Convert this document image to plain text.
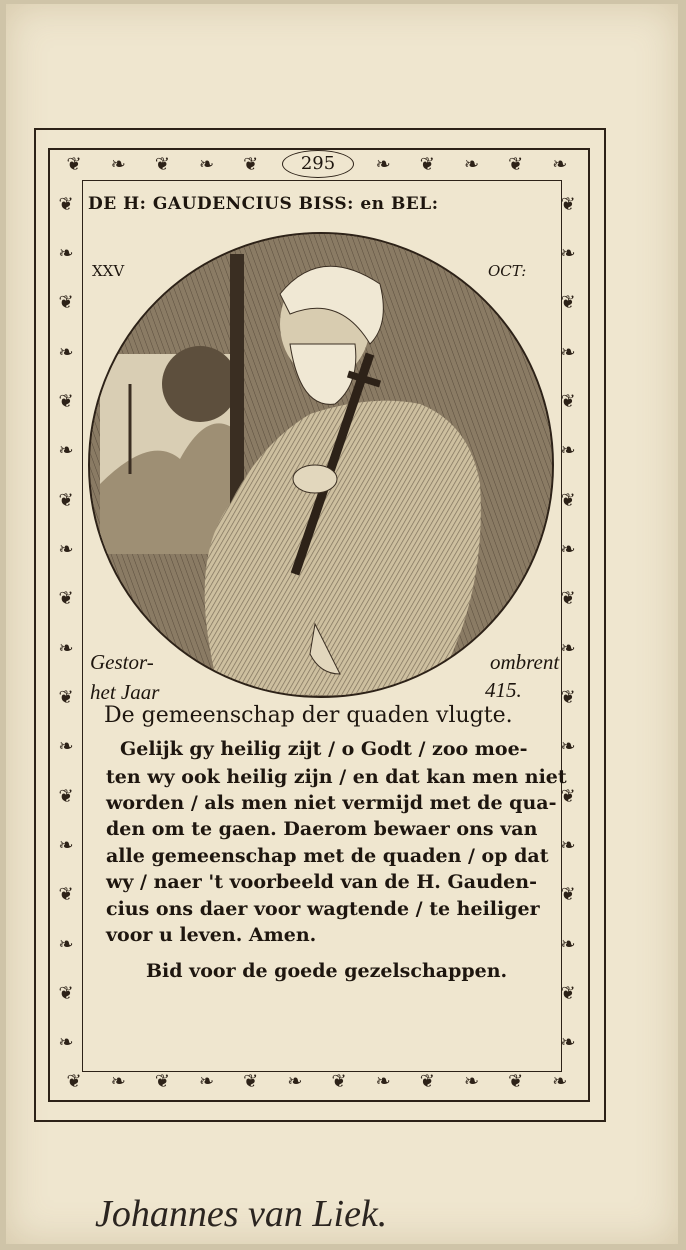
❦ ❧ ❦ ❧ ❦	❧ ❦ ❧ ❦ ❧
❦ ❧ ❦ ❧ ❦ ❧ ❦ ❧ ❦ ❧ ❦ ❧
❦
❧
❦
❧
❦
❧
❦
❧
❦
❧
❦
❧
❦
❧
❦
❧
❦
❧
❦
❧
❦
❧
❦
❧
❦
❧
❦
❧
❦
❧
❦
❧
❦
❧
❦
❧
295
DE H: GAUDENCIUS BISS: en BEL:
XXV	OCT:
Gestor-	ombrent
het Jaar	415.
De gemeenschap der quaden vlugte.
Gelijk gy heilig zijt / o Godt / zoo moe-
ten wy ook heilig zijn / en dat kan men niet
worden / als men niet vermijd met de qua-
den om te gaen. Daerom bewaer ons van
alle gemeenschap met de quaden / op dat
wy / naer 't voorbeeld van de H. Gauden-
cius ons daer voor wagtende / te heiliger
voor u leven. Amen.
Bid voor de goede gezelschappen.
Johannes van Liek.
